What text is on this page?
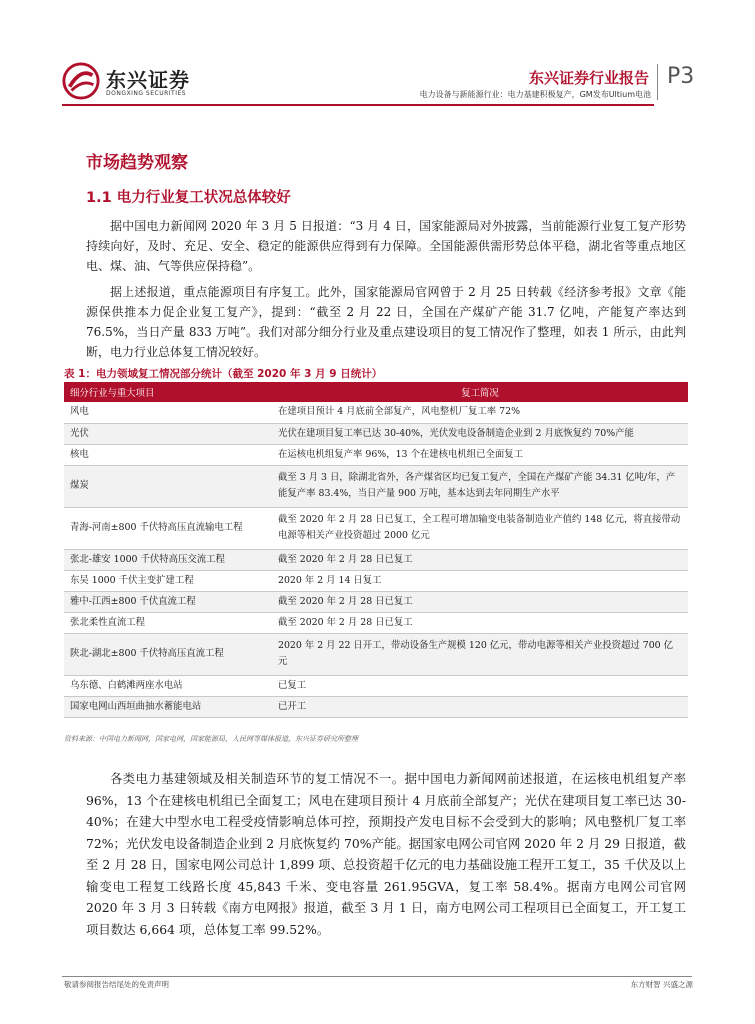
东兴证券
DONGXING SECURITIES
东兴证券行业报告
电力设备与新能源行业：电力基建积极复产，GM发布Ultium电池
P3
市场趋势观察
1.1 电力行业复工状况总体较好
据中国电力新闻网 2020 年 3 月 5 日报道：“3 月 4 日，国家能源局对外披露，当前能源行业复工复产形势持续向好，及时、充足、安全、稳定的能源供应得到有力保障。全国能源供需形势总体平稳，湖北省等重点地区电、煤、油、气等供应保持稳”。
据上述报道，重点能源项目有序复工。此外，国家能源局官网曾于 2 月 25 日转载《经济参考报》文章《能源保供推本力促企业复工复产》，提到：“截至 2 月 22 日，全国在产煤矿产能 31.7 亿吨，产能复产率达到 76.5%，当日产量 833 万吨”。我们对部分细分行业及重点建设项目的复工情况作了整理，如表 1 所示，由此判断，电力行业总体复工情况较好。
表 1：电力领域复工情况部分统计（截至 2020 年 3 月 9 日统计）
细分行业与重大项目	复工简况
风电	在建项目预计 4 月底前全部复产，风电整机厂复工率 72%
光伏	光伏在建项目复工率已达 30-40%，光伏发电设备制造企业到 2 月底恢复约 70%产能
核电	在运核电机组复产率 96%，13 个在建核电机组已全面复工
煤炭	截至 3 月 3 日，除湖北省外，各产煤省区均已复工复产，全国在产煤矿产能 34.31 亿吨/年，产能复产率 83.4%，当日产量 900 万吨，基本达到去年同期生产水平
青海-河南±800 千伏特高压直流输电工程	截至 2020 年 2 月 28 日已复工，全工程可增加输变电装备制造业产值约 148 亿元，将直接带动电源等相关产业投资超过 2000 亿元
张北-雄安 1000 千伏特高压交流工程	截至 2020 年 2 月 28 日已复工
东吴 1000 千伏主变扩建工程	2020 年 2 月 14 日复工
雅中-江西±800 千伏直流工程	截至 2020 年 2 月 28 日已复工
张北柔性直流工程	截至 2020 年 2 月 28 日已复工
陕北-湖北±800 千伏特高压直流工程	2020 年 2 月 22 日开工，带动设备生产规模 120 亿元，带动电源等相关产业投资超过 700 亿元
乌东德、白鹤滩两座水电站	已复工
国家电网山西垣曲抽水蓄能电站	已开工
资料来源：中国电力新闻网，国家电网，国家能源局，人民网等媒体报道，东兴证券研究所整理
各类电力基建领域及相关制造环节的复工情况不一。据中国电力新闻网前述报道，在运核电机组复产率 96%，13 个在建核电机组已全面复工；风电在建项目预计 4 月底前全部复产；光伏在建项目复工率已达 30-40%；在建大中型水电工程受疫情影响总体可控，预期投产发电目标不会受到大的影响；风电整机厂复工率 72%；光伏发电设备制造企业到 2 月底恢复约 70%产能。据国家电网公司官网 2020 年 2 月 29 日报道，截至 2 月 28 日，国家电网公司总计 1,899 项、总投资超千亿元的电力基础设施工程开工复工，35 千伏及以上输变电工程复工线路长度 45,843 千米、变电容量 261.95GVA，复工率 58.4%。据南方电网公司官网 2020 年 3 月 3 日转载《南方电网报》报道，截至 3 月 1 日，南方电网公司工程项目已全面复工，开工复工项目数达 6,664 项，总体复工率 99.52%。
敬请参阅报告结尾处的免责声明	东方财智 兴盛之源
